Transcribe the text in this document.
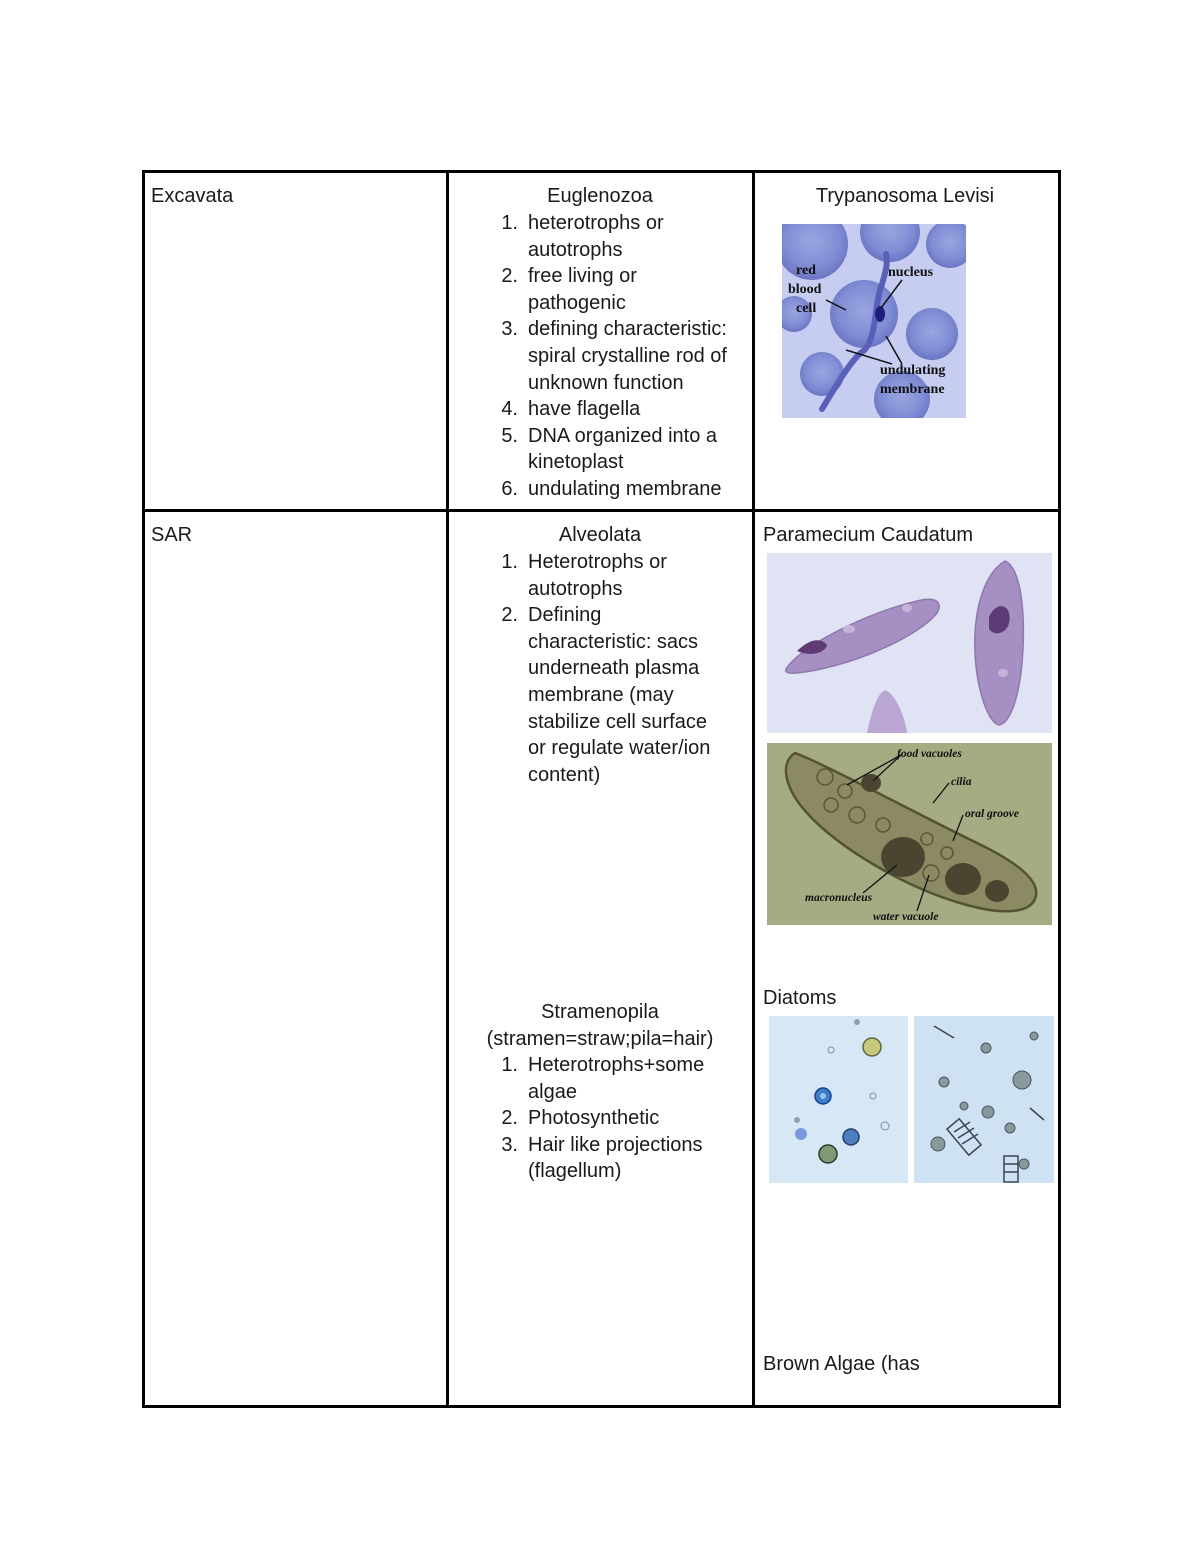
Excavata	Euglenozoa
1. heterotrophs or
autotrophs
2. free living or
pathogenic
3. defining characteristic:
spiral crystalline rod of
unknown function
4. have flagella
5. DNA organized into a
kinetoplast
6. undulating membrane
Trypanosoma Levisi
red
blood
cell
nucleus
undulating
membrane
SAR	Alveolata
1. Heterotrophs or
autotrophs
2. Defining
characteristic: sacs
underneath plasma
membrane (may
stabilize cell surface
or regulate water/ion
content)
Paramecium Caudatum
food vacuoles
cilia
oral groove
macronucleus
water vacuole
Stramenopila
(stramen=straw;pila=hair)
1. Heterotrophs+some
algae
2. Photosynthetic
3. Hair like projections
(flagellum)
Diatoms
Brown Algae (has
